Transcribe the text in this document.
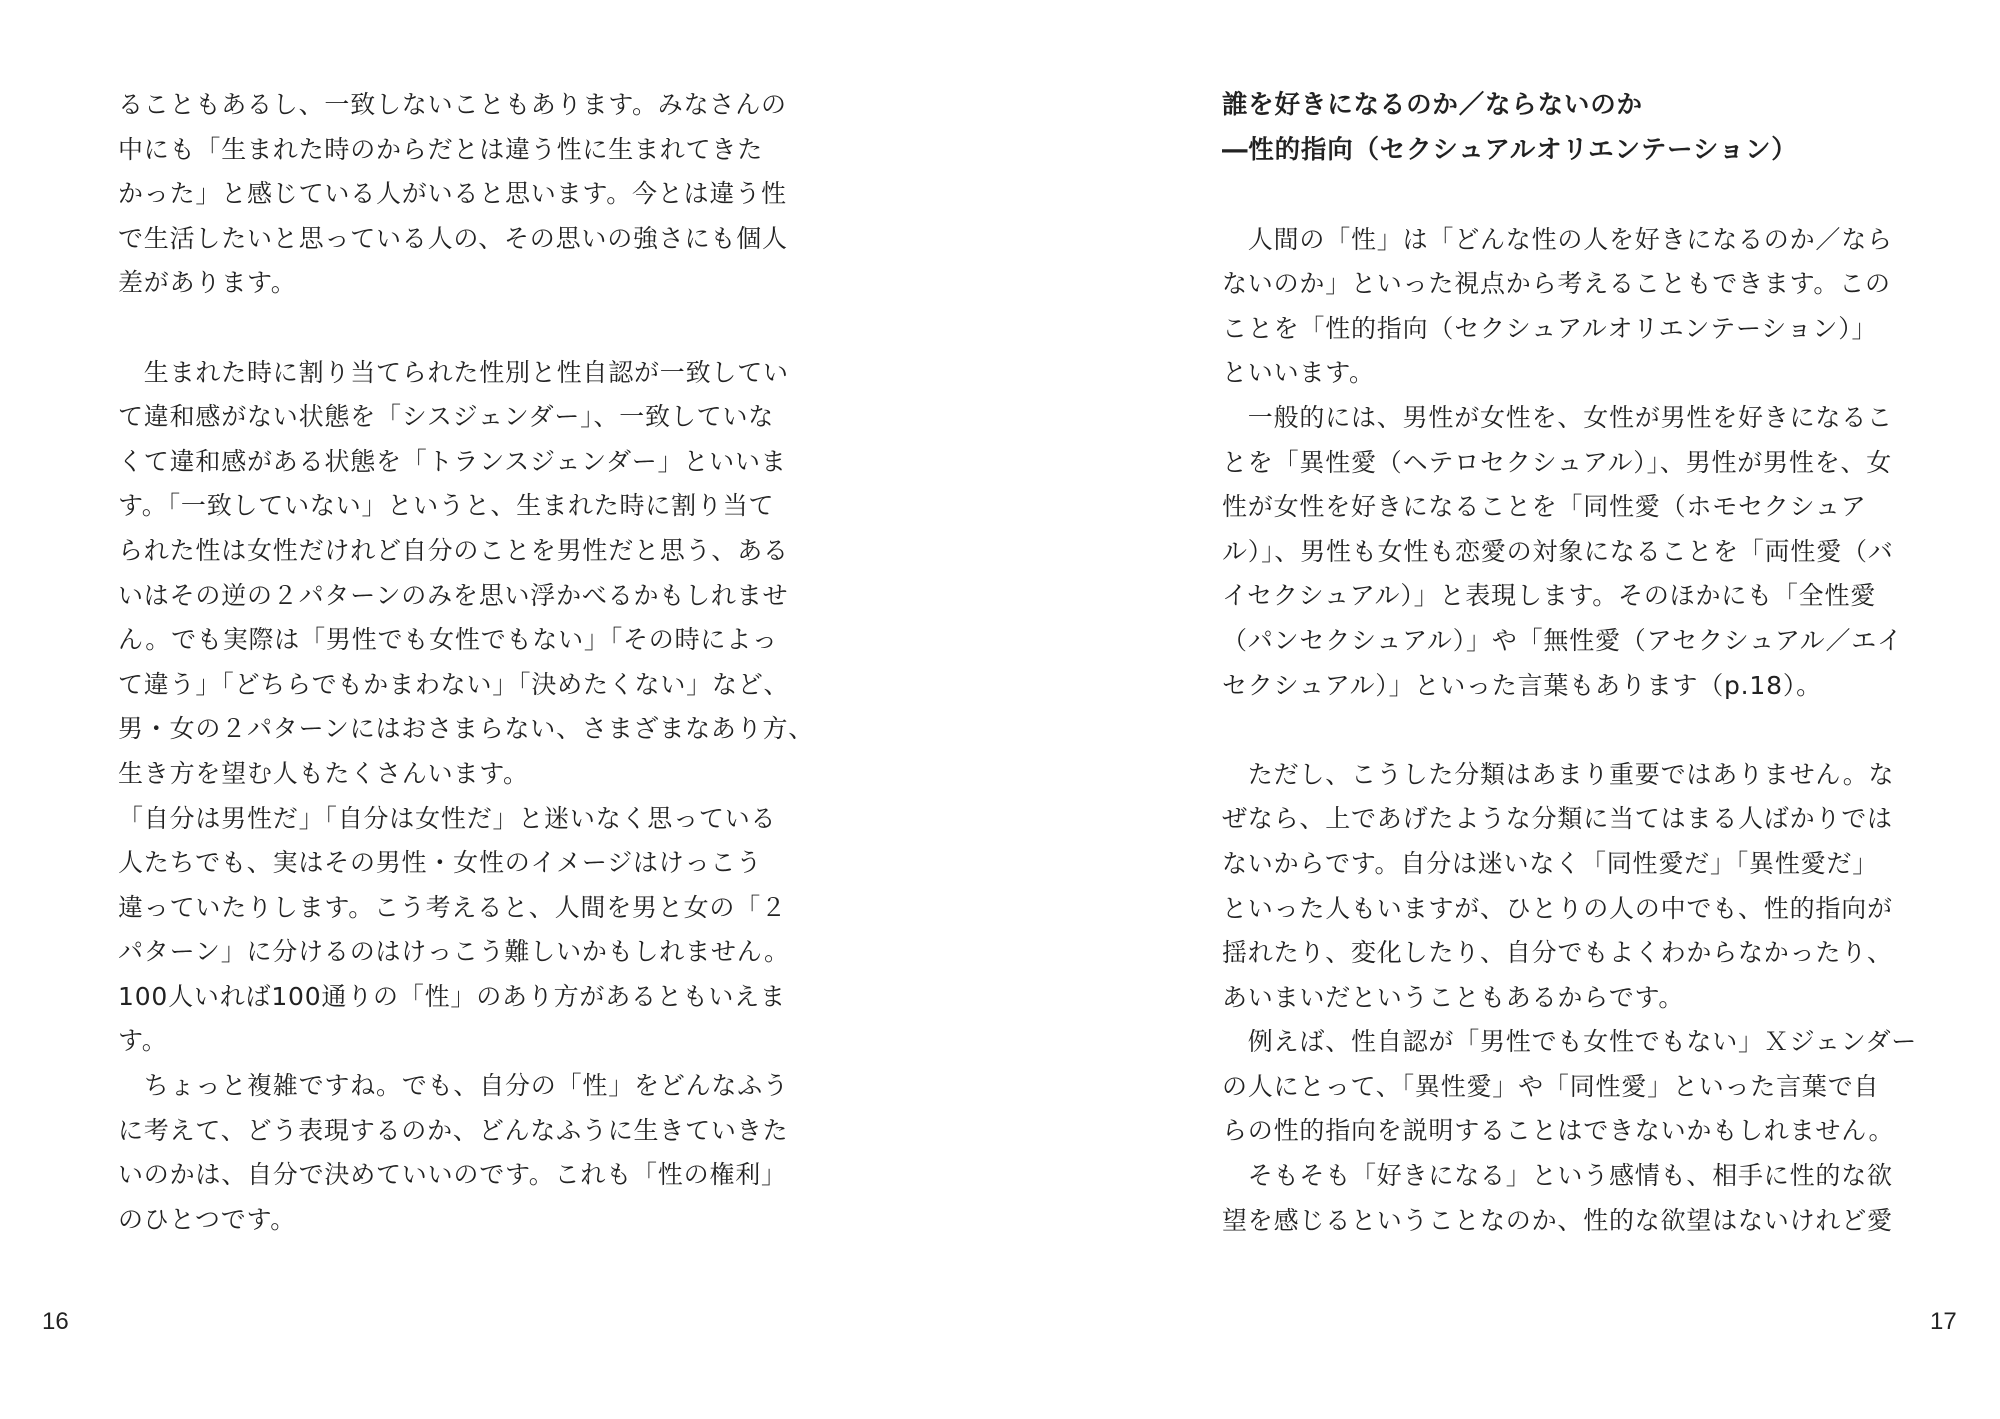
ることもあるし、一致しないこともあります。みなさんの
中にも「生まれた時のからだとは違う性に生まれてきた
かった」と感じている人がいると思います。今とは違う性
で生活したいと思っている人の、その思いの強さにも個人
差があります。
　生まれた時に割り当てられた性別と性自認が一致してい
て違和感がない状態を「シスジェンダー」、一致していな
くて違和感がある状態を「トランスジェンダー」といいま
す。「一致していない」というと、生まれた時に割り当て
られた性は女性だけれど自分のことを男性だと思う、ある
いはその逆の２パターンのみを思い浮かべるかもしれませ
ん。でも実際は「男性でも女性でもない」「その時によっ
て違う」「どちらでもかまわない」「決めたくない」など、
男・女の２パターンにはおさまらない、さまざまなあり方、
生き方を望む人もたくさんいます。
「自分は男性だ」「自分は女性だ」と迷いなく思っている
人たちでも、実はその男性・女性のイメージはけっこう
違っていたりします。こう考えると、人間を男と女の「２
パターン」に分けるのはけっこう難しいかもしれません。
100人いれば100通りの「性」のあり方があるともいえま
す。
　ちょっと複雑ですね。でも、自分の「性」をどんなふう
に考えて、どう表現するのか、どんなふうに生きていきた
いのかは、自分で決めていいのです。これも「性の権利」
のひとつです。
16
誰を好きになるのか／ならないのか
―性的指向（セクシュアルオリエンテーション）
　人間の「性」は「どんな性の人を好きになるのか／なら
ないのか」といった視点から考えることもできます。この
ことを「性的指向（セクシュアルオリエンテーション）」
といいます。
　一般的には、男性が女性を、女性が男性を好きになるこ
とを「異性愛（ヘテロセクシュアル）」、男性が男性を、女
性が女性を好きになることを「同性愛（ホモセクシュア
ル）」、男性も女性も恋愛の対象になることを「両性愛（バ
イセクシュアル）」と表現します。そのほかにも「全性愛
（パンセクシュアル）」や「無性愛（アセクシュアル／エイ
セクシュアル）」といった言葉もあります（p.18）。
　ただし、こうした分類はあまり重要ではありません。な
ぜなら、上であげたような分類に当てはまる人ばかりでは
ないからです。自分は迷いなく「同性愛だ」「異性愛だ」
といった人もいますが、ひとりの人の中でも、性的指向が
揺れたり、変化したり、自分でもよくわからなかったり、
あいまいだということもあるからです。
　例えば、性自認が「男性でも女性でもない」Ｘジェンダー
の人にとって、「異性愛」や「同性愛」といった言葉で自
らの性的指向を説明することはできないかもしれません。
　そもそも「好きになる」という感情も、相手に性的な欲
望を感じるということなのか、性的な欲望はないけれど愛
17
